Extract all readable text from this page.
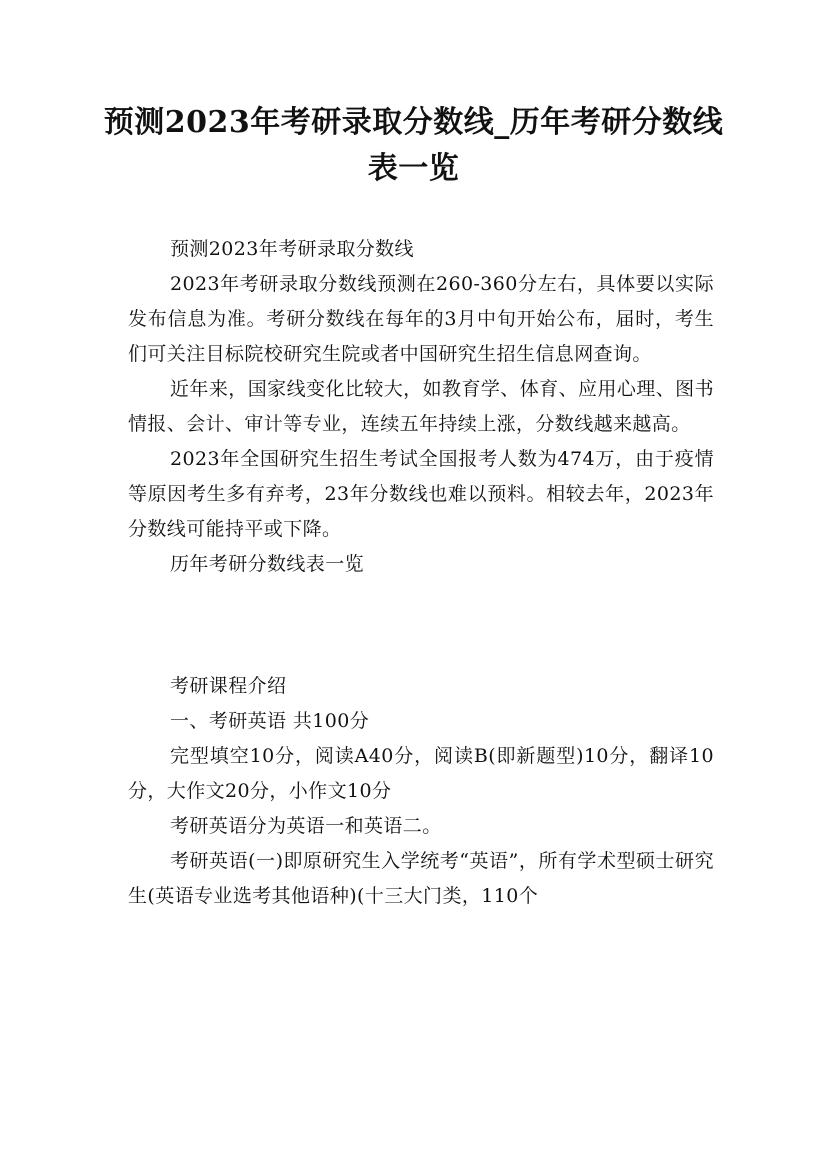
预测2023年考研录取分数线_历年考研分数线表一览

预测2023年考研录取分数线

2023年考研录取分数线预测在260-360分左右，具体要以实际发布信息为准。考研分数线在每年的3月中旬开始公布，届时，考生们可关注目标院校研究生院或者中国研究生招生信息网查询。

近年来，国家线变化比较大，如教育学、体育、应用心理、图书情报、会计、审计等专业，连续五年持续上涨，分数线越来越高。

2023年全国研究生招生考试全国报考人数为474万，由于疫情等原因考生多有弃考，23年分数线也难以预料。相较去年，2023年分数线可能持平或下降。

历年考研分数线表一览

考研课程介绍

一、考研英语 共100分

完型填空10分，阅读A40分，阅读B(即新题型)10分，翻译10分，大作文20分，小作文10分

考研英语分为英语一和英语二。

考研英语(一)即原研究生入学统考“英语”，所有学术型硕士研究生(英语专业选考其他语种)(十三大门类，110个
